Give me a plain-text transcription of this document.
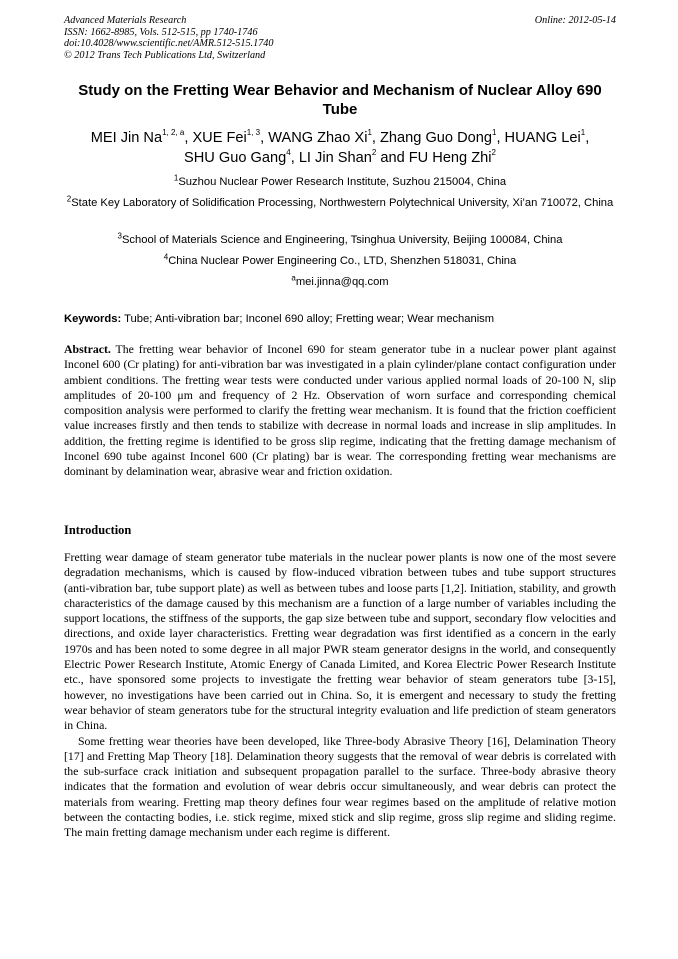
Advanced Materials Research
ISSN: 1662-8985, Vols. 512-515, pp 1740-1746
doi:10.4028/www.scientific.net/AMR.512-515.1740
© 2012 Trans Tech Publications Ltd, Switzerland
Online: 2012-05-14
Study on the Fretting Wear Behavior and Mechanism of Nuclear Alloy 690 Tube
MEI Jin Na$^{1, 2, a}$, XUE Fei$^{1, 3}$, WANG Zhao Xi$^1$, Zhang Guo Dong$^1$, HUANG Lei$^1$,
SHU Guo Gang$^4$, LI Jin Shan$^2$ and FU Heng Zhi$^2$
$^1$Suzhou Nuclear Power Research Institute, Suzhou 215004, China
$^2$State Key Laboratory of Solidification Processing, Northwestern Polytechnical University, Xi’an 710072, China
$^3$School of Materials Science and Engineering, Tsinghua University, Beijing 100084, China
$^4$China Nuclear Power Engineering Co., LTD, Shenzhen 518031, China
$^a$mei.jinna@qq.com
Keywords: Tube; Anti-vibration bar; Inconel 690 alloy; Fretting wear; Wear mechanism
Abstract. The fretting wear behavior of Inconel 690 for steam generator tube in a nuclear power plant against Inconel 600 (Cr plating) for anti-vibration bar was investigated in a plain cylinder/plane contact configuration under ambient conditions. The fretting wear tests were conducted under various applied normal loads of 20-100 N, slip amplitudes of 20-100 μm and frequency of 2 Hz. Observation of worn surface and corresponding chemical composition analysis were performed to clarify the fretting wear mechanism. It is found that the friction coefficient value increases firstly and then tends to stabilize with decrease in normal loads and increase in slip amplitudes. In addition, the fretting regime is identified to be gross slip regime, indicating that the fretting damage mechanism of Inconel 690 tube against Inconel 600 (Cr plating) bar is wear. The corresponding fretting wear mechanisms are dominant by delamination wear, abrasive wear and friction oxidation.
Introduction
Fretting wear damage of steam generator tube materials in the nuclear power plants is now one of the most severe degradation mechanisms, which is caused by flow-induced vibration between tubes and tube support structures (anti-vibration bar, tube support plate) as well as between tubes and loose parts [1,2]. Initiation, stability, and growth characteristics of the damage caused by this mechanism are a function of a large number of variables including the support locations, the stiffness of the supports, the gap size between tube and support, secondary flow velocities and directions, and oxide layer characteristics. Fretting wear degradation was first identified as a concern in the early 1970s and has been noted to some degree in all major PWR steam generator designs in the world, and consequently Electric Power Research Institute, Atomic Energy of Canada Limited, and Korea Electric Power Research Institute etc., have sponsored some projects to investigate the fretting wear behavior of steam generators tube [3-15], however, no investigations have been carried out in China. So, it is emergent and necessary to study the fretting wear behavior of steam generators tube for the structural integrity evaluation and life prediction of steam generators in China.
Some fretting wear theories have been developed, like Three-body Abrasive Theory [16], Delamination Theory [17] and Fretting Map Theory [18]. Delamination theory suggests that the removal of wear debris is correlated with the sub-surface crack initiation and subsequent propagation parallel to the surface. Three-body abrasive theory indicates that the formation and evolution of wear debris occur simultaneously, and wear debris can protect the materials from wearing. Fretting map theory defines four wear regimes based on the amplitude of relative motion between the contacting bodies, i.e. stick regime, mixed stick and slip regime, gross slip regime and sliding regime. The main fretting damage mechanism under each regime is different.
